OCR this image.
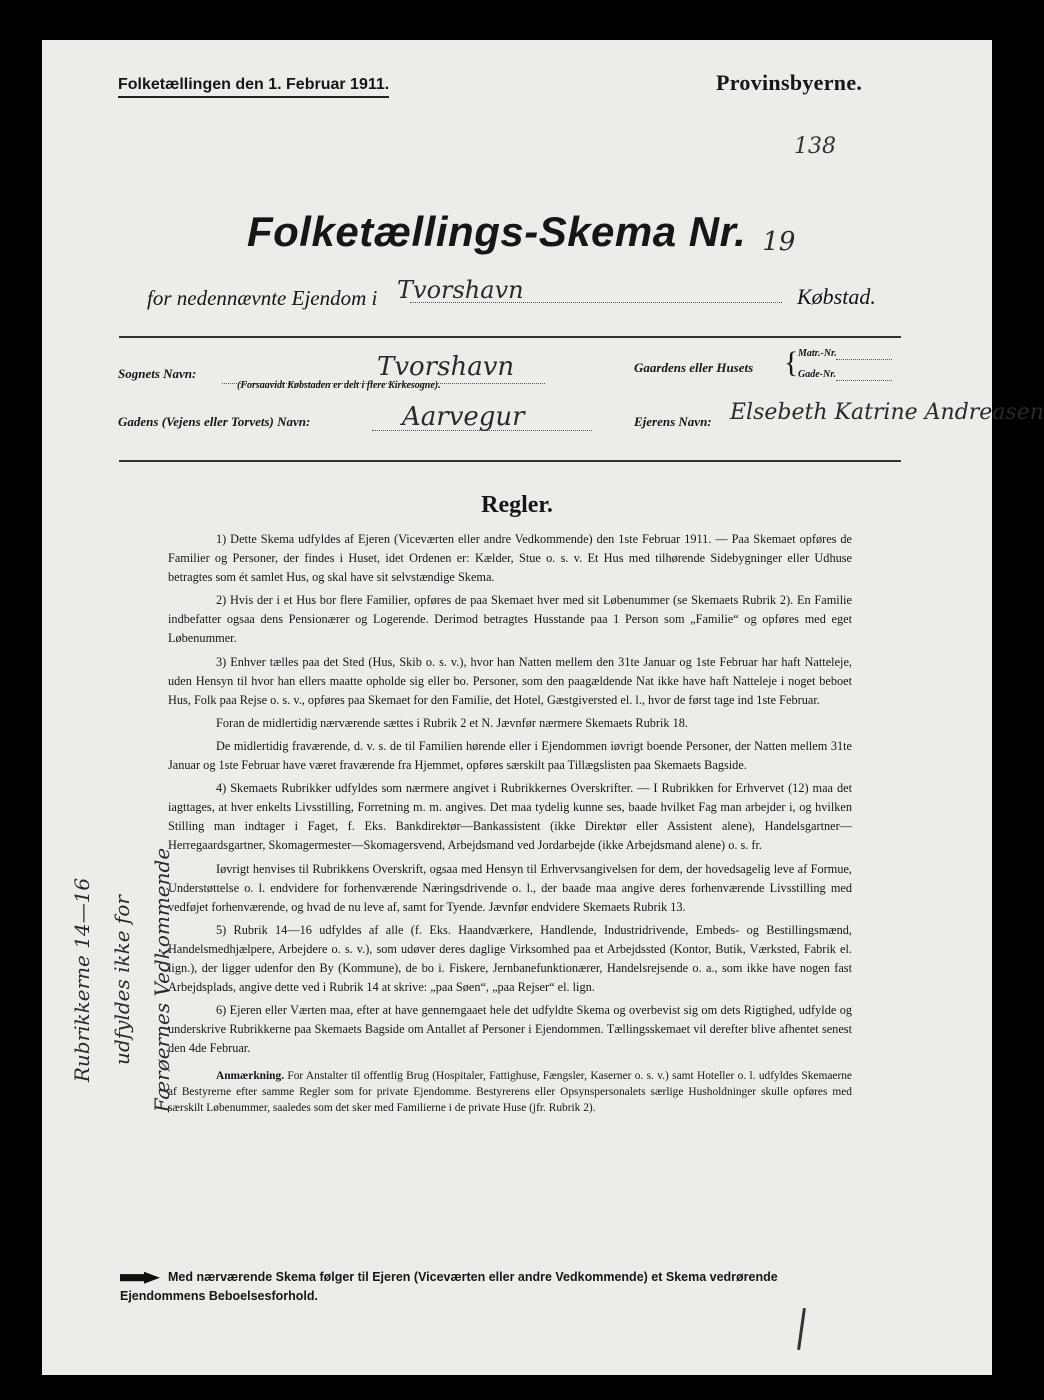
Folketællingen den 1. Februar 1911.	Provinsbyerne.
138
Folketællings-Skema Nr. 19
for nedennævnte Ejendom i Tvorshavn	Købstad.
Sognets Navn:	Tvorshavn
(Forsaavidt Købstaden er delt i flere Kirkesogne).
Gaardens eller Husets { Matr.-Nr.
Gade-Nr.
Gadens (Vejens eller Torvets) Navn:	Aarvegur	Ejerens Navn: Elsebeth Katrine Andreasen
Regler.

1) Dette Skema udfyldes af Ejeren (Viceværten eller andre Vedkommende) den 1ste Februar 1911. — Paa Skemaet opføres de Familier og Personer, der findes i Huset, idet Ordenen er: Kælder, Stue o. s. v. Et Hus med tilhørende Sidebygninger eller Udhuse betragtes som ét samlet Hus, og skal have sit selvstændige Skema.

2) Hvis der i et Hus bor flere Familier, opføres de paa Skemaet hver med sit Løbenummer (se Skemaets Rubrik 2). En Familie indbefatter ogsaa dens Pensionærer og Logerende. Derimod betragtes Husstande paa 1 Person som „Familie“ og opføres med eget Løbenummer.

3) Enhver tælles paa det Sted (Hus, Skib o. s. v.), hvor han Natten mellem den 31te Januar og 1ste Februar har haft Natteleje, uden Hensyn til hvor han ellers maatte opholde sig eller bo. Personer, som den paagældende Nat ikke have haft Natteleje i noget beboet Hus, Folk paa Rejse o. s. v., opføres paa Skemaet for den Familie, det Hotel, Gæstgiversted el. l., hvor de først tage ind 1ste Februar.

Foran de midlertidig nærværende sættes i Rubrik 2 et N. Jævnfør nærmere Skemaets Rubrik 18.

De midlertidig fraværende, d. v. s. de til Familien hørende eller i Ejendommen iøvrigt boende Personer, der Natten mellem 31te Januar og 1ste Februar have været fraværende fra Hjemmet, opføres særskilt paa Tillægslisten paa Skemaets Bagside.

4) Skemaets Rubrikker udfyldes som nærmere angivet i Rubrikkernes Overskrifter. — I Rubrikken for Erhvervet (12) maa det iagttages, at hver enkelts Livsstilling, Forretning m. m. angives. Det maa tydelig kunne ses, baade hvilket Fag man arbejder i, og hvilken Stilling man indtager i Faget, f. Eks. Bankdirektør—Bankassistent (ikke Direktør eller Assistent alene), Handelsgartner—Herregaardsgartner, Skomagermester—Skomagersvend, Arbejdsmand ved Jordarbejde (ikke Arbejdsmand alene) o. s. fr.

Iøvrigt henvises til Rubrikkens Overskrift, ogsaa med Hensyn til Erhvervsangivelsen for dem, der hovedsagelig leve af Formue, Understøttelse o. l. endvidere for forhenværende Næringsdrivende o. l., der baade maa angive deres forhenværende Livsstilling med vedføjet forhenværende, og hvad de nu leve af, samt for Tyende. Jævnfør endvidere Skemaets Rubrik 13.

5) Rubrik 14—16 udfyldes af alle (f. Eks. Haandværkere, Handlende, Industridrivende, Embeds- og Bestillingsmænd, Handelsmedhjælpere, Arbejdere o. s. v.), som udøver deres daglige Virksomhed paa et Arbejdssted (Kontor, Butik, Værksted, Fabrik el. lign.), der ligger udenfor den By (Kommune), de bo i. Fiskere, Jernbanefunktionærer, Handelsrejsende o. a., som ikke have nogen fast Arbejdsplads, angive dette ved i Rubrik 14 at skrive: „paa Søen“, „paa Rejser“ el. lign.

6) Ejeren eller Værten maa, efter at have gennemgaaet hele det udfyldte Skema og overbevist sig om dets Rigtighed, udfylde og underskrive Rubrikkerne paa Skemaets Bagside om Antallet af Personer i Ejendommen. Tællingsskemaet vil derefter blive afhentet senest den 4de Februar.

Anmærkning. For Anstalter til offentlig Brug (Hospitaler, Fattighuse, Fængsler, Kaserner o. s. v.) samt Hoteller o. l. udfyldes Skemaerne af Bestyrerne efter samme Regler som for private Ejendomme. Bestyrerens eller Opsynspersonalets særlige Husholdninger skulle opføres med særskilt Løbenummer, saaledes som det sker med Familierne i de private Huse (jfr. Rubrik 2).

Rubrikkerne 14—16 udfyldes ikke for Færøernes Vedkommende
Med nærværende Skema følger til Ejeren (Viceværten eller andre Vedkommende) et Skema vedrørende Ejendommens Beboelsesforhold.
